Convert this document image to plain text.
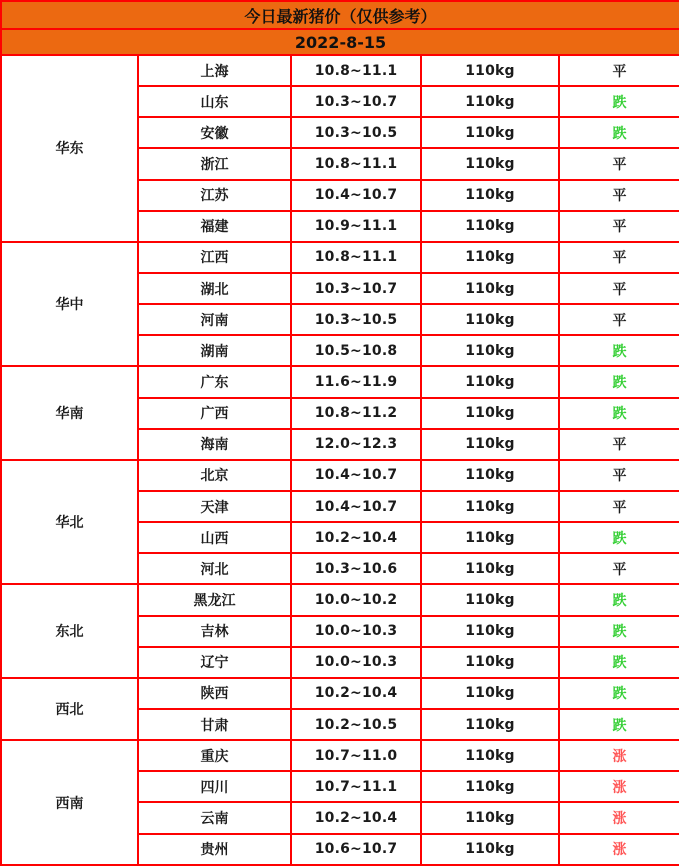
今日最新猪价（仅供参考）				
2022-8-15				
华东	上海	10.8~11.1	110kg	平
	山东	10.3~10.7	110kg	跌
	安徽	10.3~10.5	110kg	跌
	浙江	10.8~11.1	110kg	平
	江苏	10.4~10.7	110kg	平
	福建	10.9~11.1	110kg	平
华中	江西	10.8~11.1	110kg	平
	湖北	10.3~10.7	110kg	平
	河南	10.3~10.5	110kg	平
	湖南	10.5~10.8	110kg	跌
华南	广东	11.6~11.9	110kg	跌
	广西	10.8~11.2	110kg	跌
	海南	12.0~12.3	110kg	平
华北	北京	10.4~10.7	110kg	平
	天津	10.4~10.7	110kg	平
	山西	10.2~10.4	110kg	跌
	河北	10.3~10.6	110kg	平
东北	黑龙江	10.0~10.2	110kg	跌
	吉林	10.0~10.3	110kg	跌
	辽宁	10.0~10.3	110kg	跌
西北	陕西	10.2~10.4	110kg	跌
	甘肃	10.2~10.5	110kg	跌
西南	重庆	10.7~11.0	110kg	涨
	四川	10.7~11.1	110kg	涨
	云南	10.2~10.4	110kg	涨
	贵州	10.6~10.7	110kg	涨
